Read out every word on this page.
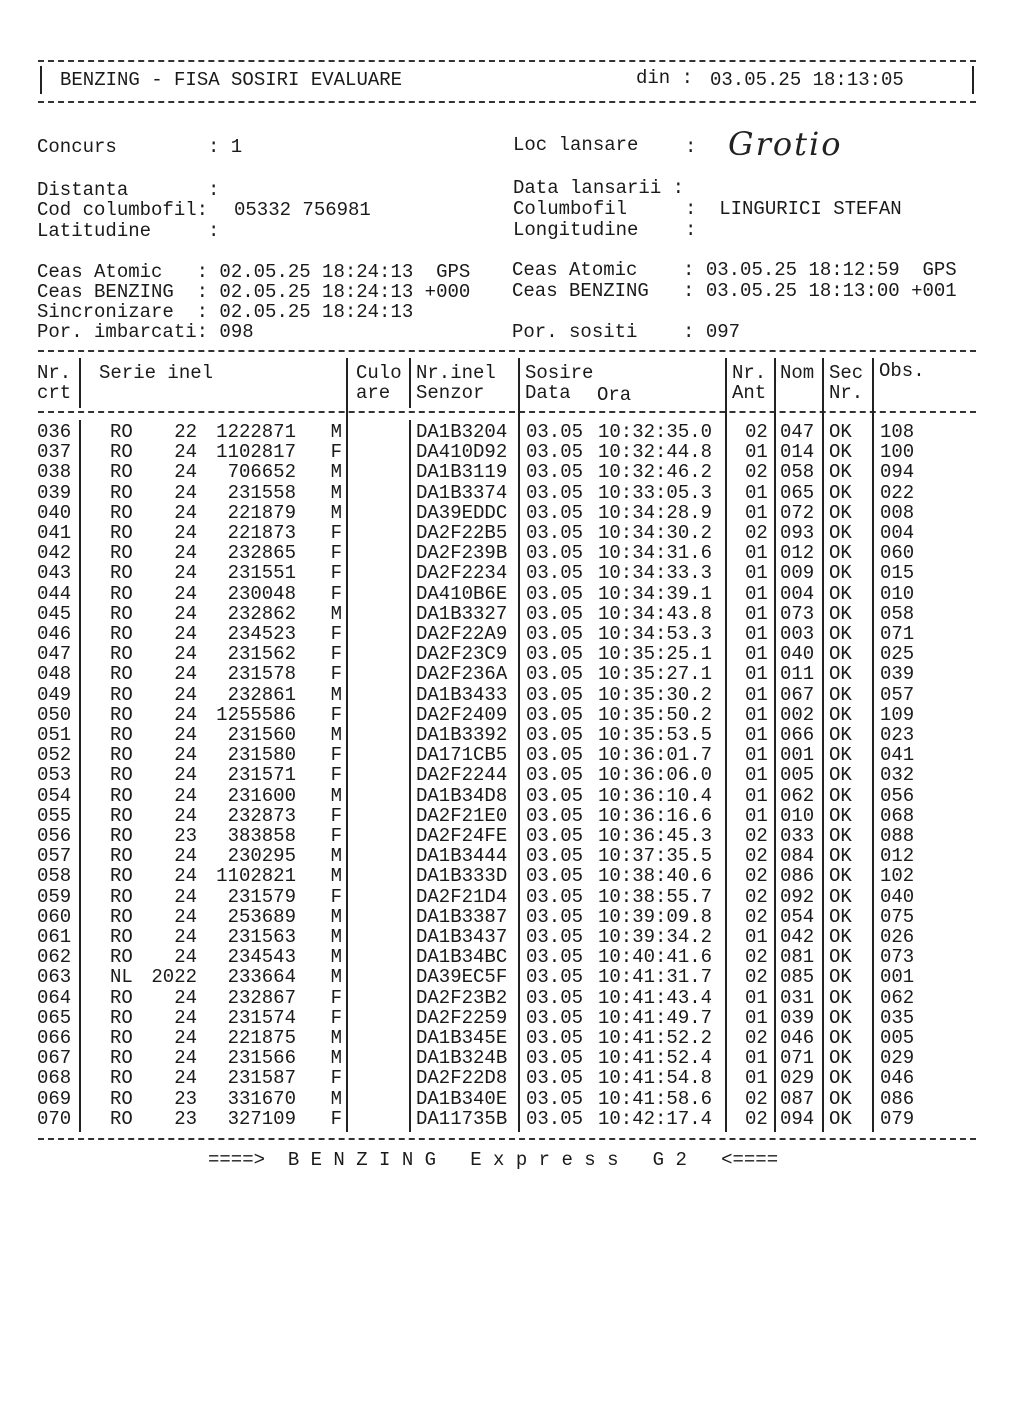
BENZING - FISA SOSIRI EVALUARE	din : 03.05.25 18:13:05
Concurs	: 1	Loc lansare : Grotio
Distanta	:	Data lansarii :
Cod columbofil: 05332 756981	Columbofil	:  LINGURICI STEFAN
Latitudine	:	Longitudine :
Ceas Atomic   : 02.05.25 18:24:13  GPS
Ceas BENZING  : 02.05.25 18:24:13 +000
Sincronizare  : 02.05.25 18:24:13
Por. imbarcati: 098
Ceas Atomic    : 03.05.25 18:12:59  GPS
Ceas BENZING   : 03.05.25 18:13:00 +001
Por. sositi    : 097
Nr.
crt
Serie inel	Culo
are
Nr.inel
Senzor
Sosire
Data Ora
Nr.
Ant
Nom Sec
Nr.
Obs.
036	RO	22	1222871	M	DA1B3204 03.05 10:32:35.0	02 047 OK	108
037	RO	24	1102817	F	DA410D92 03.05 10:32:44.8	01 014 OK	100
038	RO	24	706652	M	DA1B3119 03.05 10:32:46.2	02 058 OK	094
039	RO	24	231558	M	DA1B3374 03.05 10:33:05.3	01 065 OK	022
040	RO	24	221879	M	DA39EDDC 03.05 10:34:28.9	01 072 OK	008
041	RO	24	221873	F	DA2F22B5 03.05 10:34:30.2	02 093 OK	004
042	RO	24	232865	F	DA2F239B 03.05 10:34:31.6	01 012 OK	060
043	RO	24	231551	F	DA2F2234 03.05 10:34:33.3	01 009 OK	015
044	RO	24	230048	F	DA410B6E 03.05 10:34:39.1	01 004 OK	010
045	RO	24	232862	M	DA1B3327 03.05 10:34:43.8	01 073 OK	058
046	RO	24	234523	F	DA2F22A9 03.05 10:34:53.3	01 003 OK	071
047	RO	24	231562	F	DA2F23C9 03.05 10:35:25.1	01 040 OK	025
048	RO	24	231578	F	DA2F236A 03.05 10:35:27.1	01 011 OK	039
049	RO	24	232861	M	DA1B3433 03.05 10:35:30.2	01 067 OK	057
050	RO	24	1255586	F	DA2F2409 03.05 10:35:50.2	01 002 OK	109
051	RO	24	231560	M	DA1B3392 03.05 10:35:53.5	01 066 OK	023
052	RO	24	231580	F	DA171CB5 03.05 10:36:01.7	01 001 OK	041
053	RO	24	231571	F	DA2F2244 03.05 10:36:06.0	01 005 OK	032
054	RO	24	231600	M	DA1B34D8 03.05 10:36:10.4	01 062 OK	056
055	RO	24	232873	F	DA2F21E0 03.05 10:36:16.6	01 010 OK	068
056	RO	23	383858	F	DA2F24FE 03.05 10:36:45.3	02 033 OK	088
057	RO	24	230295	M	DA1B3444 03.05 10:37:35.5	02 084 OK	012
058	RO	24	1102821	M	DA1B333D 03.05 10:38:40.6	02 086 OK	102
059	RO	24	231579	F	DA2F21D4 03.05 10:38:55.7	02 092 OK	040
060	RO	24	253689	M	DA1B3387 03.05 10:39:09.8	02 054 OK	075
061	RO	24	231563	M	DA1B3437 03.05 10:39:34.2	01 042 OK	026
062	RO	24	234543	M	DA1B34BC 03.05 10:40:41.6	02 081 OK	073
063	NL 2022	233664	M	DA39EC5F 03.05 10:41:31.7	02 085 OK	001
064	RO	24	232867	F	DA2F23B2 03.05 10:41:43.4	01 031 OK	062
065	RO	24	231574	F	DA2F2259 03.05 10:41:49.7	01 039 OK	035
066	RO	24	221875	M	DA1B345E 03.05 10:41:52.2	02 046 OK	005
067	RO	24	231566	M	DA1B324B 03.05 10:41:52.4	01 071 OK	029
068	RO	24	231587	F	DA2F22D8 03.05 10:41:54.8	01 029 OK	046
069	RO	23	331670	M	DA1B340E 03.05 10:41:58.6	02 087 OK	086
070	RO	23	327109	F	DA11735B 03.05 10:42:17.4	02 094 OK	079
====>  B E N Z I N G   E x p r e s s   G 2   <====
